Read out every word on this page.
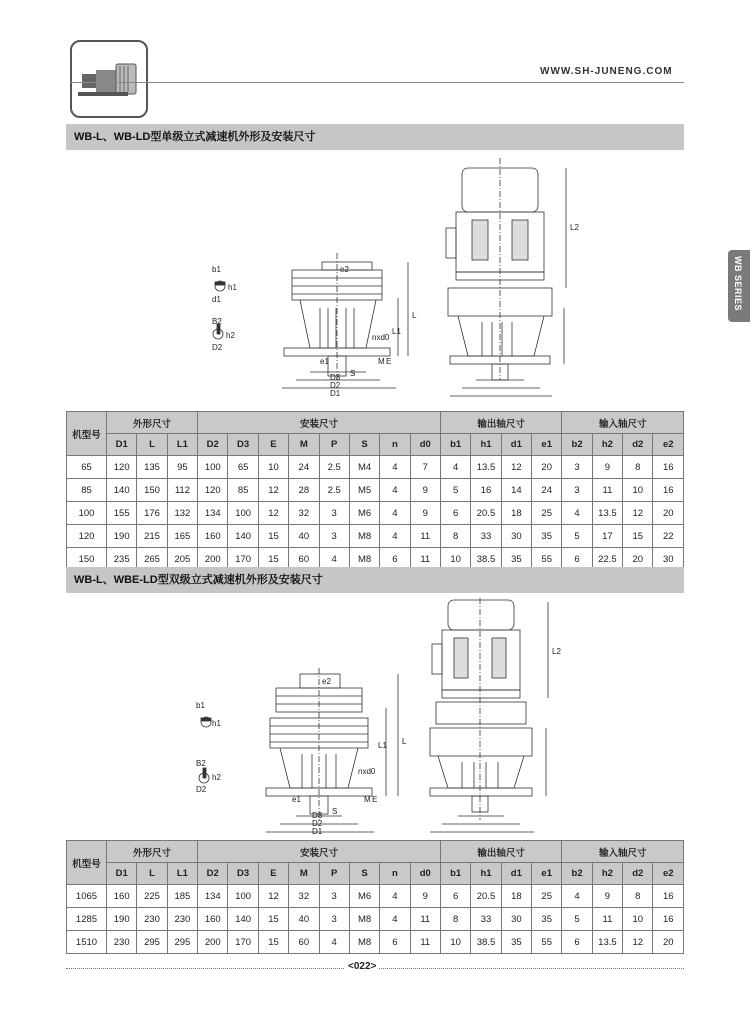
WWW.SH-JUNENG.COM
WB SERIES
WB-L、WB-LD型单级立式减速机外形及安装尺寸
b1
h1
d1
B2
h2
D2
L
L1
e2
nxd0
M E
e1
D3 S
D2
D1
L2
机型号	外形尺寸			安装尺寸								输出轴尺寸				输入轴尺寸			
	D1	L	L1	D2	D3	E	M	P	S	n	d0	b1	h1	d1	e1	b2	h2	d2	e2
65	120	135	95	100	65	10	24	2.5	M4	4	7	4	13.5	12	20	3	9	8	16
85	140	150	112	120	85	12	28	2.5	M5	4	9	5	16	14	24	3	11	10	16
100	155	176	132	134	100	12	32	3	M6	4	9	6	20.5	18	25	4	13.5	12	20
120	190	215	165	160	140	15	40	3	M8	4	11	8	33	30	35	5	17	15	22
150	235	265	205	200	170	15	60	4	M8	6	11	10	38.5	35	55	6	22.5	20	30
WB-L、WBE-LD型双级立式减速机外形及安装尺寸
b1
h1
B2
h2
D2
L
L1
e2
nxd0
M E
e1
D3 S
D2
D1
L2
机型号	外形尺寸			安装尺寸								输出轴尺寸				输入轴尺寸			
	D1	L	L1	D2	D3	E	M	P	S	n	d0	b1	h1	d1	e1	b2	h2	d2	e2
1065	160	225	185	134	100	12	32	3	M6	4	9	6	20.5	18	25	4	9	8	16
1285	190	230	230	160	140	15	40	3	M8	4	11	8	33	30	35	5	11	10	16
1510	230	295	295	200	170	15	60	4	M8	6	11	10	38.5	35	55	6	13.5	12	20
<022>
